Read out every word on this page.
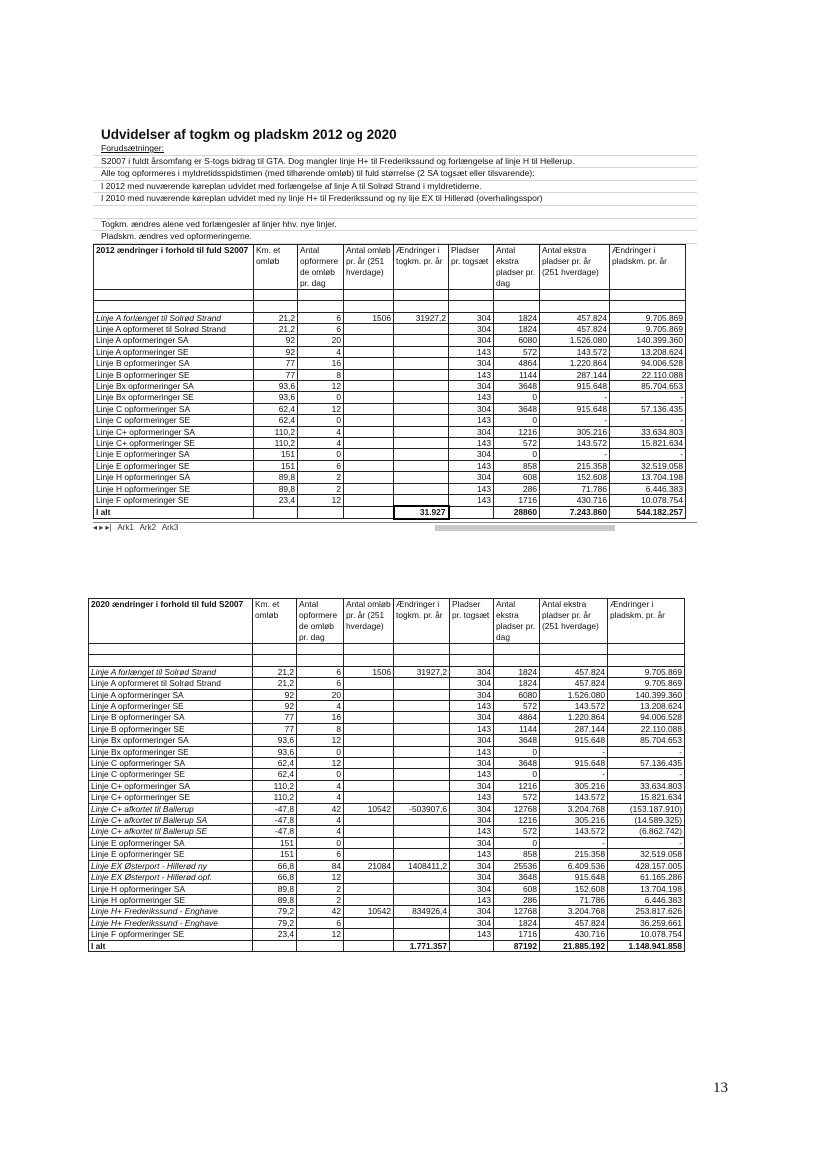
Udvidelser af togkm og pladskm 2012 og 2020
Forudsætninger:
S2007 i fuldt årsomfang er S-togs bidrag til GTA. Dog mangler linje H+ til Frederikssund og forlængelse af linje H til Hellerup.
Alle tog opformeres i myldretidsspidstimen (med tilhørende omløb) til fuld størrelse (2 SA togsæt eller tilsvarende):
I 2012 med nuværende køreplan udvidet med forlængelse af linje A til Solrød Strand i myldretiderne.
I 2010 med nuværende køreplan udvidet med ny linje H+ til Frederikssund og ny lije EX til Hillerød (overhalingsspor)
Togkm. ændres alene ved forlængesler af linjer hhv. nye linjer.
Pladskm. ændres ved opformeringerne.
2012 ændringer i forhold til fuld S2007	Km. et omløb	Antal opformere de omløb pr. dag	Antal omløb pr. år (251 hverdage)	Ændringer i togkm. pr. år	Pladser pr. togsæt	Antal ekstra pladser pr. dag	Antal ekstra pladser pr. år (251 hverdage)	Ændringer i pladskm. pr. år

Linje A forlænget til Solrød Strand	21,2	6	1506	31927,2	304	1824	457.824	9.705.869
Linje A opformeret til Solrød Strand	21,2	6			304	1824	457.824	9.705.869
Linje A opformeringer SA	92	20			304	6080	1.526.080	140.399.360
Linje A opformeringer SE	92	4			143	572	143.572	13.208.624
Linje B opformeringer SA	77	16			304	4864	1.220.864	94.006.528
Linje B opformeringer SE	77	8			143	1144	287.144	22.110.088
Linje Bx opformeringer SA	93,6	12			304	3648	915.648	85.704.653
Linje Bx opformeringer SE	93,6	0			143	0	-	-
Linje C opformeringer SA	62,4	12			304	3648	915.648	57.136.435
Linje C opformeringer SE	62,4	0			143	0	-	-
Linje C+ opformeringer SA	110,2	4			304	1216	305.216	33.634.803
Linje C+ opformeringer SE	110,2	4			143	572	143.572	15.821.634
Linje E opformeringer SA	151	0			304	0	-	-
Linje E opformeringer SE	151	6			143	858	215.358	32.519.058
Linje H opformeringer SA	89,8	2			304	608	152.608	13.704.198
Linje H opformeringer SE	89,8	2			143	286	71.786	6.446.383
Linje F opformeringer SE	23,4	12			143	1716	430.716	10.078.754
I alt				31.927		28860	7.243.860	544.182.257
◂ ▸ ▸| Ark1 Ark2 Ark3
2020 ændringer i forhold til fuld S2007	Km. et omløb	Antal opformere de omløb pr. dag	Antal omløb pr. år (251 hverdage)	Ændringer i togkm. pr. år	Pladser pr. togsæt	Antal ekstra pladser pr. dag	Antal ekstra pladser pr. år (251 hverdage)	Ændringer i pladskm. pr. år

Linje A forlænget til Solrød Strand	21,2	6	1506	31927,2	304	1824	457.824	9.705.869
Linje A opformeret til Solrød Strand	21,2	6			304	1824	457.824	9.705.869
Linje A opformeringer SA	92	20			304	6080	1.526.080	140.399.360
Linje A opformeringer SE	92	4			143	572	143.572	13.208.624
Linje B opformeringer SA	77	16			304	4864	1.220.864	94.006.528
Linje B opformeringer SE	77	8			143	1144	287.144	22.110.088
Linje Bx opformeringer SA	93,6	12			304	3648	915.648	85.704.653
Linje Bx opformeringer SE	93,6	0			143	0	-	-
Linje C opformeringer SA	62,4	12			304	3648	915.648	57.136.435
Linje C opformeringer SE	62,4	0			143	0	-	-
Linje C+ opformeringer SA	110,2	4			304	1216	305.216	33.634.803
Linje C+ opformeringer SE	110,2	4			143	572	143.572	15.821.634
Linje C+ afkortet til Ballerup	-47,8	42	10542	-503907,6	304	12768	3.204.768	(153.187.910)
Linje C+ afkortet til Ballerup SA	-47,8	4			304	1216	305.216	(14.589.325)
Linje C+ afkortet til Ballerup SE	-47,8	4			143	572	143.572	(6.862.742)
Linje E opformeringer SA	151	0			304	0	-	-
Linje E opformeringer SE	151	6			143	858	215.358	32.519.058
Linje EX Østerport - Hillerød ny	66,8	84	21084	1408411,2	304	25536	6.409.536	428.157.005
Linje EX Østerport - Hillerød opf.	66,8	12			304	3648	915.648	61.165.286
Linje H opformeringer SA	89,8	2			304	608	152.608	13.704.198
Linje H opformeringer SE	89,8	2			143	286	71.786	6.446.383
Linje H+ Frederikssund - Enghave	79,2	42	10542	834926,4	304	12768	3.204.768	253.817.626
Linje H+ Frederikssund - Enghave	79,2	6			304	1824	457.824	36.259.661
Linje F opformeringer SE	23,4	12			143	1716	430.716	10.078.754
I alt				1.771.357		87192	21.885.192	1.148.941.858
13
